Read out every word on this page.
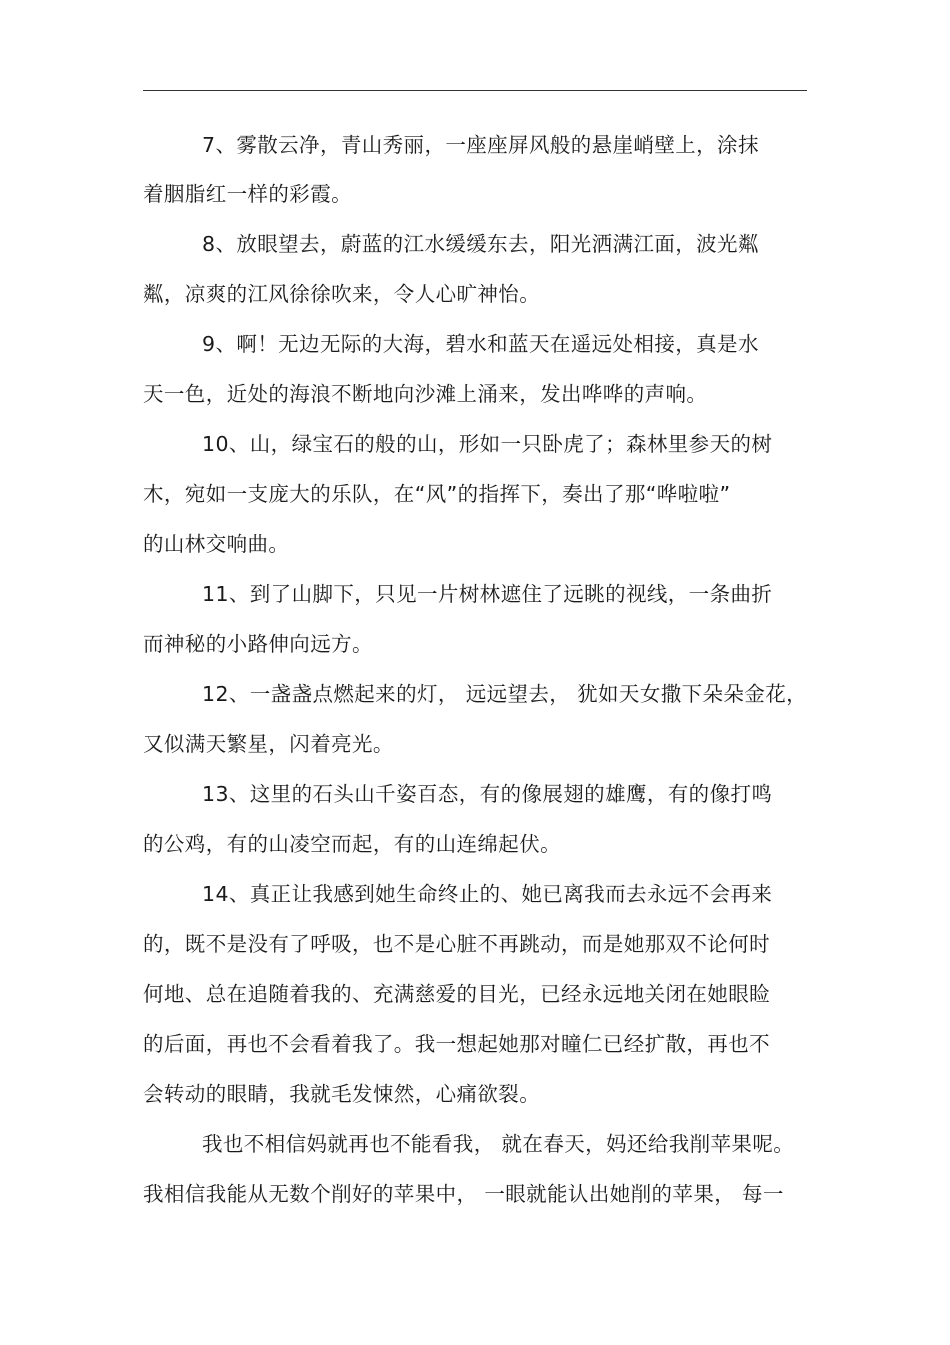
7、雾散云净，青山秀丽，一座座屏风般的悬崖峭壁上，涂抹
着胭脂红一样的彩霞。
8、放眼望去，蔚蓝的江水缓缓东去，阳光洒满江面，波光粼
粼，凉爽的江风徐徐吹来，令人心旷神怡。
9、啊！无边无际的大海，碧水和蓝天在遥远处相接，真是水
天一色，近处的海浪不断地向沙滩上涌来，发出哗哗的声响。
10、山，绿宝石的般的山，形如一只卧虎了；森林里参天的树
木，宛如一支庞大的乐队，在“风”的指挥下，奏出了那“哗啦啦”
的山林交响曲。
11、到了山脚下，只见一片树林遮住了远眺的视线，一条曲折
而神秘的小路伸向远方。
12、一盏盏点燃起来的灯， 远远望去， 犹如天女撒下朵朵金花，
又似满天繁星，闪着亮光。
13、这里的石头山千姿百态，有的像展翅的雄鹰，有的像打鸣
的公鸡，有的山凌空而起，有的山连绵起伏。
14、真正让我感到她生命终止的、她已离我而去永远不会再来
的，既不是没有了呼吸，也不是心脏不再跳动，而是她那双不论何时
何地、总在追随着我的、充满慈爱的目光，已经永远地关闭在她眼睑
的后面，再也不会看着我了。我一想起她那对瞳仁已经扩散，再也不
会转动的眼睛，我就毛发悚然，心痛欲裂。
我也不相信妈就再也不能看我， 就在春天，妈还给我削苹果呢。
我相信我能从无数个削好的苹果中， 一眼就能认出她削的苹果， 每一
